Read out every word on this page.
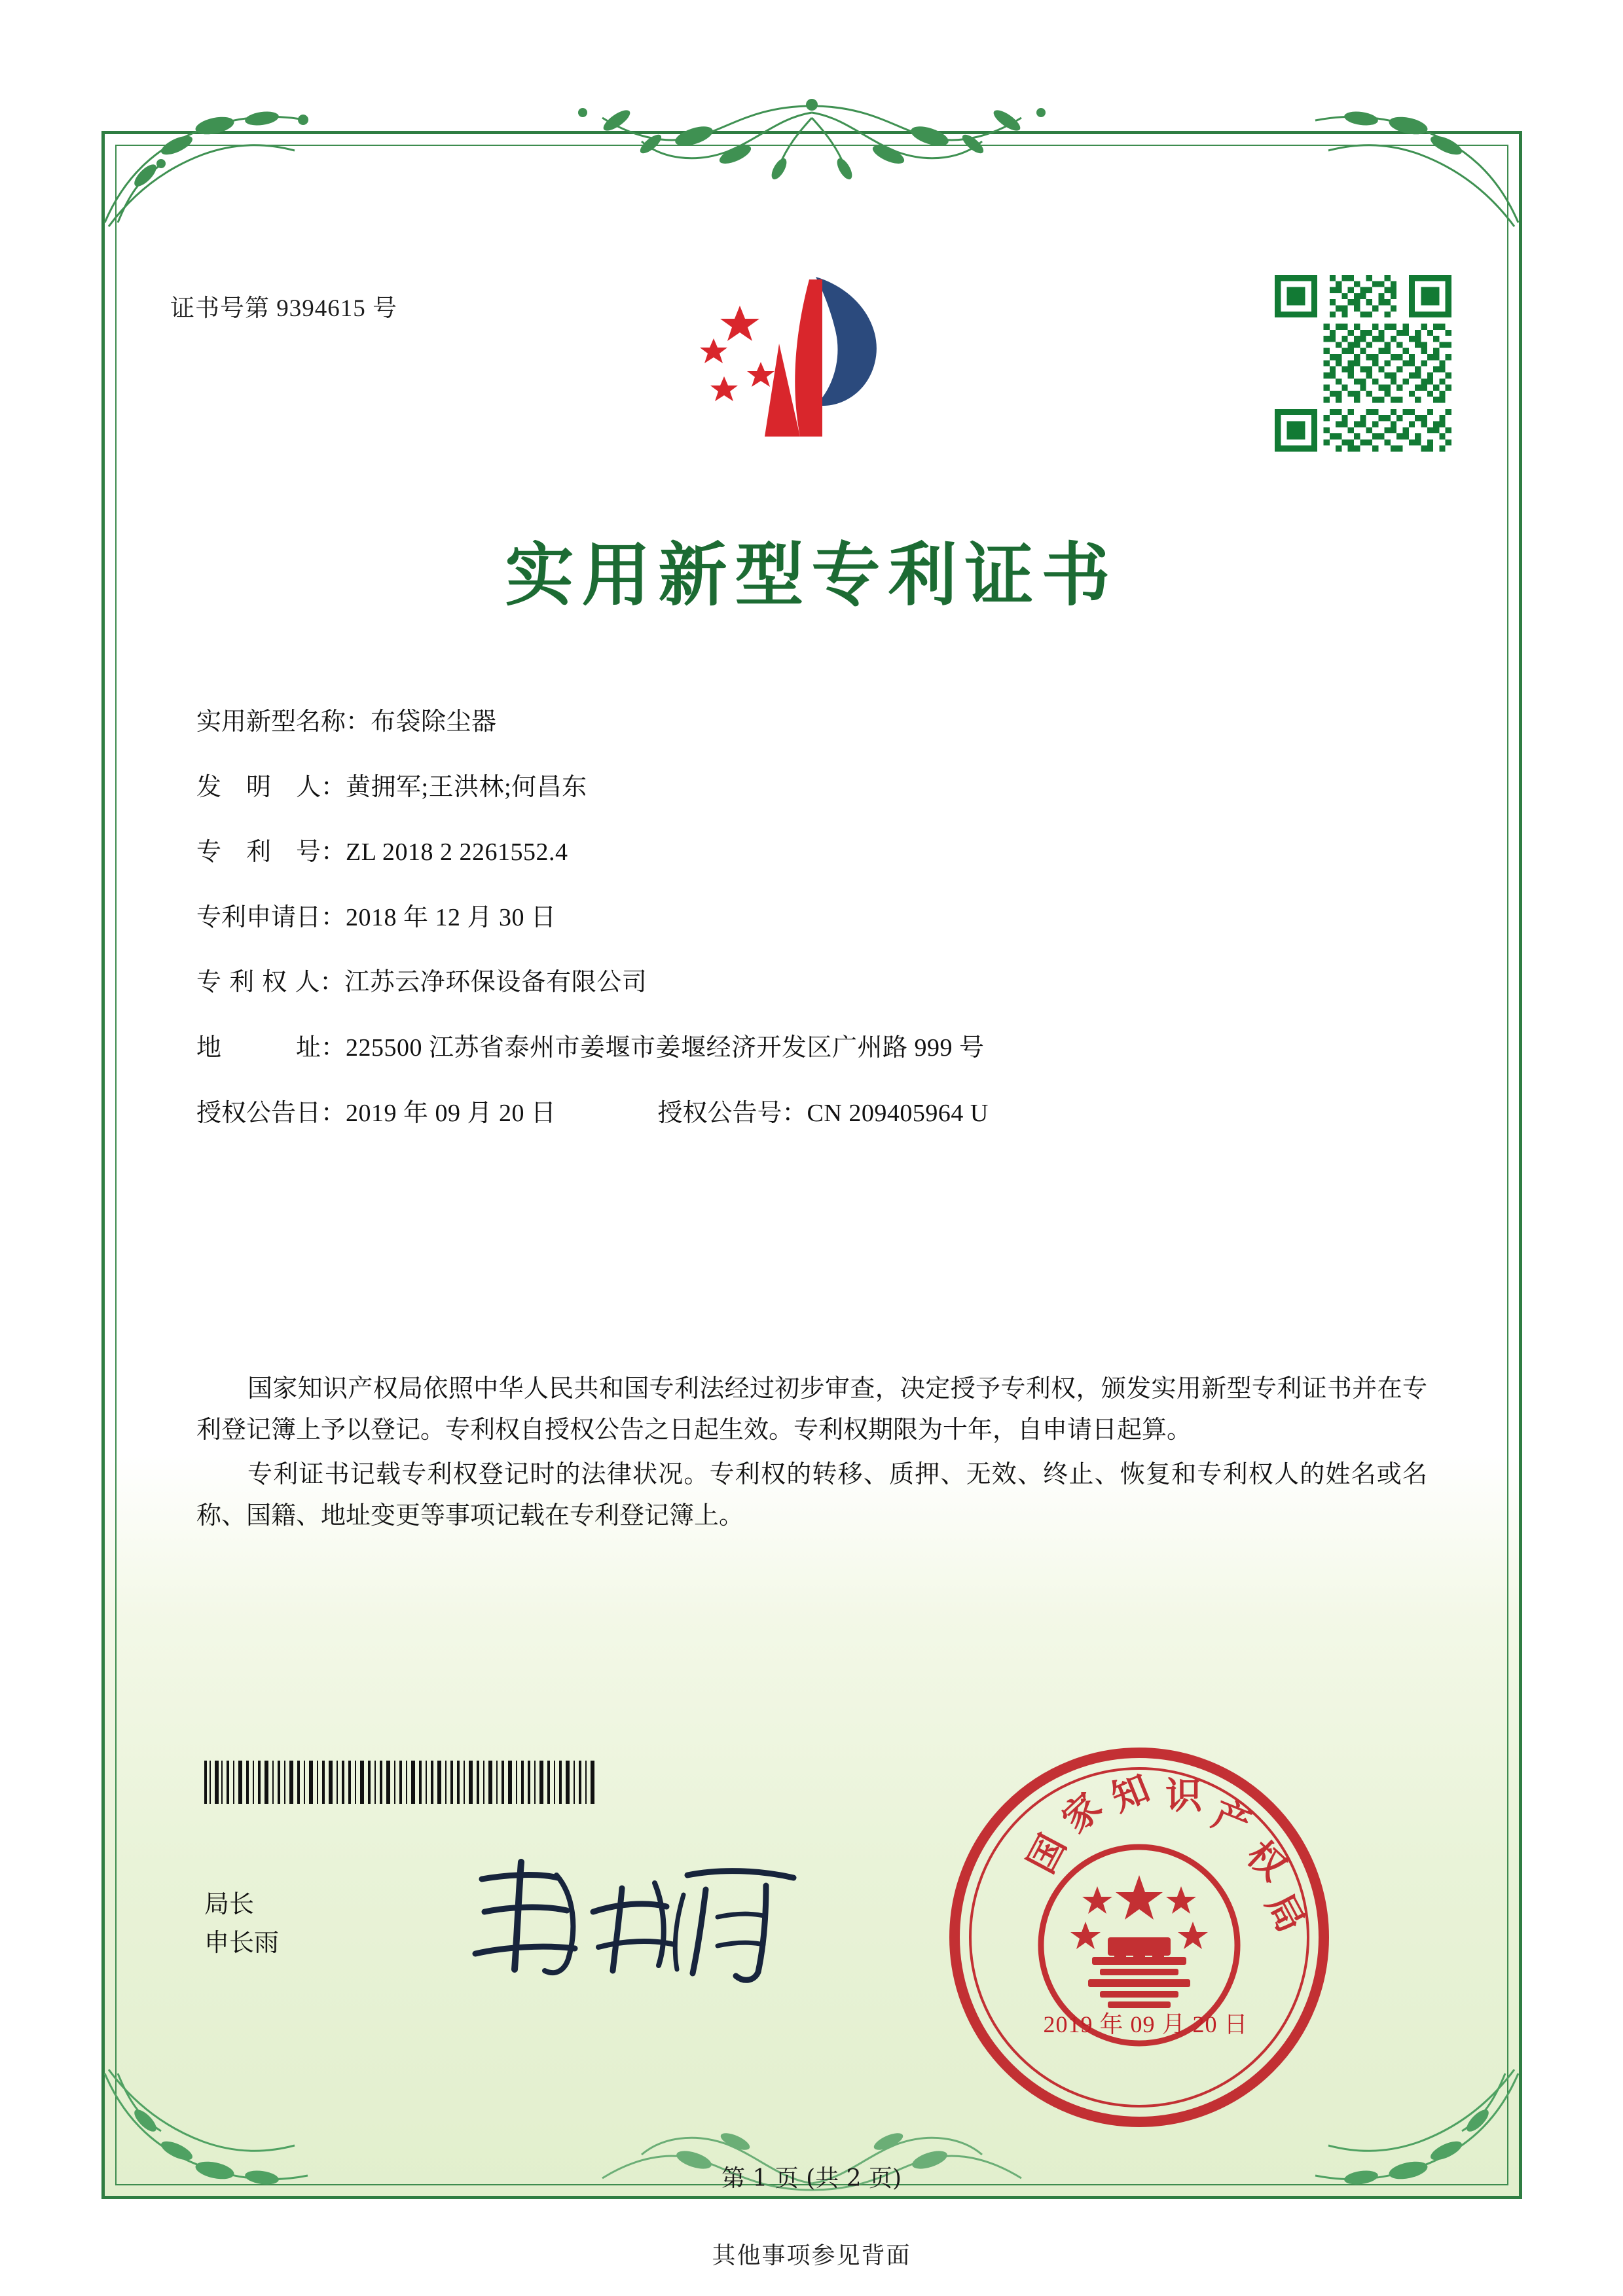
证书号第 9394615 号
实用新型专利证书
实用新型名称： 布袋除尘器
发　明　人： 黄拥军;王洪林;何昌东
专　利　号： ZL 2018 2 2261552.4
专利申请日： 2018 年 12 月 30 日
专 利 权 人： 江苏云净环保设备有限公司
地　　　址： 225500 江苏省泰州市姜堰市姜堰经济开发区广州路 999 号
授权公告日： 2019 年 09 月 20 日	授权公告号： CN 209405964 U

国家知识产权局依照中华人民共和国专利法经过初步审查，决定授予专利权，颁发实用新型专利证书并在专利登记簿上予以登记。专利权自授权公告之日起生效。专利权期限为十年，自申请日起算。

专利证书记载专利权登记时的法律状况。专利权的转移、质押、无效、终止、恢复和专利权人的姓名或名称、国籍、地址变更等事项记载在专利登记簿上。

局长
申长雨
国
家
知 识 产
权
局
2019 年 09 月 20 日
第 1 页 (共 2 页)
其他事项参见背面
